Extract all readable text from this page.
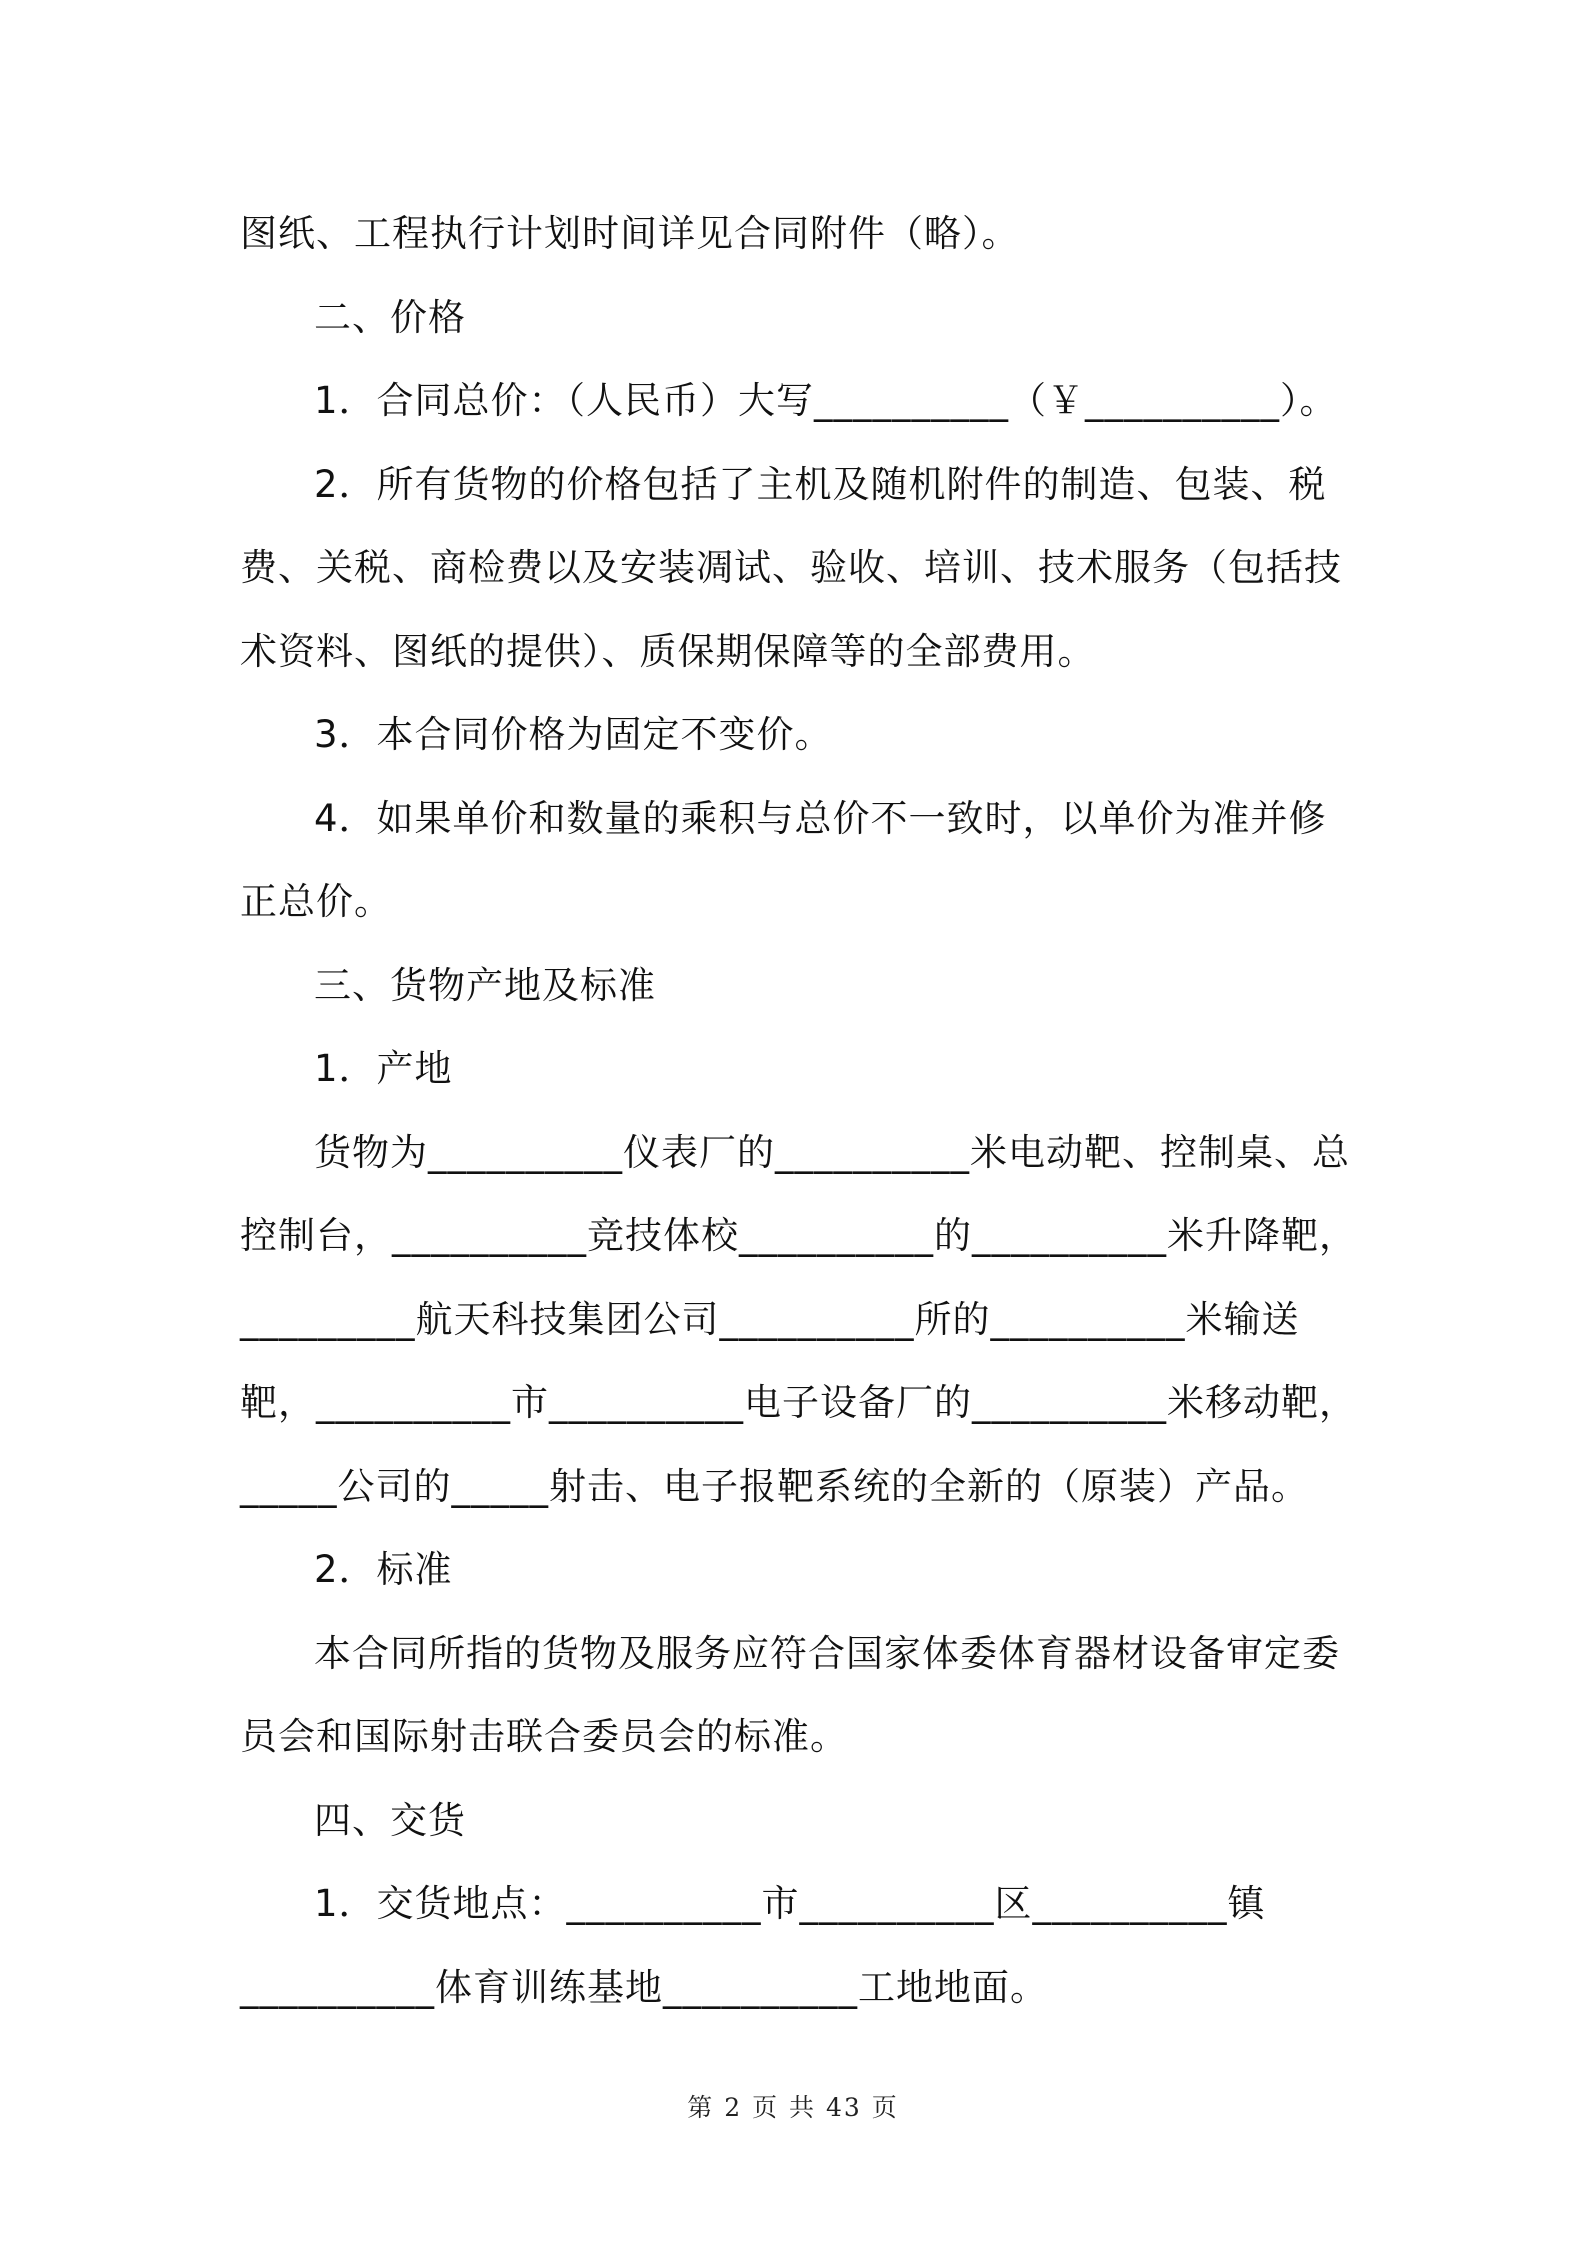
图纸、工程执行计划时间详见合同附件（略）。

二、价格

1．合同总价：（人民币）大写__________（￥__________）。

2．所有货物的价格包括了主机及随机附件的制造、包装、税费、关税、商检费以及安装凋试、验收、培训、技术服务（包括技术资料、图纸的提供）、质保期保障等的全部费用。

3．本合同价格为固定不变价。

4．如果单价和数量的乘积与总价不一致时，以单价为准并修正总价。

三、货物产地及标准

1．产地

货物为__________仪表厂的__________米电动靶、控制桌、总控制台，__________竞技体校__________的__________米升降靶，_________航天科技集团公司__________所的__________米输送靶，__________市__________电子设备厂的__________米移动靶，_____公司的_____射击、电子报靶系统的全新的（原装）产品。

2．标准

本合同所指的货物及服务应符合国家体委体育器材设备审定委员会和国际射击联合委员会的标准。

四、交货

1．交货地点：__________市__________区__________镇__________体育训练基地__________工地地面。

第 2 页 共 43 页
